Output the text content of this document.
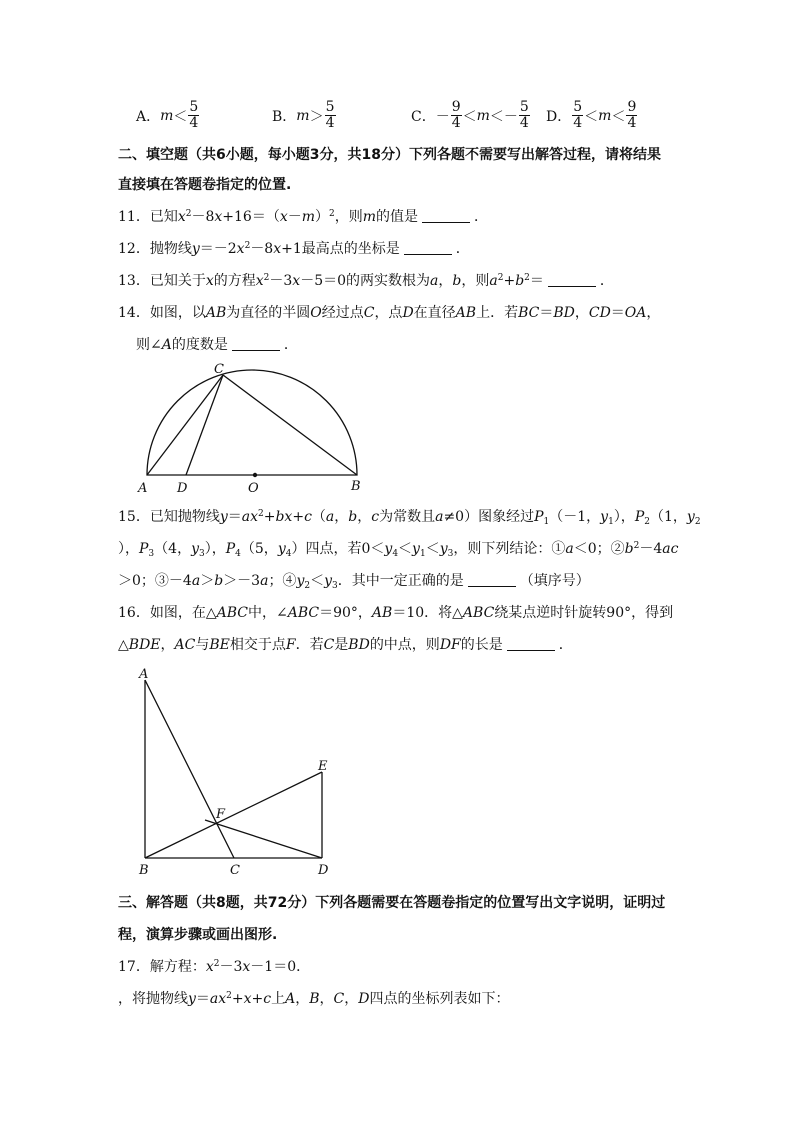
A． $m < \frac{5}{4}$	B． $m > \frac{5}{4}$	C． － $\frac{9}{4} < m$ ＜ － $\frac{5}{4}$ D． $\frac{5}{4} < m < \frac{9}{4}$
二、填空题（共6小题，每小题3分，共18分）下列各题不需要写出解答过程，请将结果
直接填在答题卷指定的位置.
11．已知$x^2-8x+16=(x-m)^2$，则m的值是	．
12．抛物线$y=-2x^2-8x+1$最高点的坐标是	．
13．已知关于x的方程$x^2-3x-5=0$的两实数根为a，b，则$a^2+b^2=$	．
14．如图，以AB为直径的半圆O经过点C，点D在直径AB上．若BC＝BD，CD＝OA，
则∠A的度数是	．
C
A D	O	B
A
E
F
B	C	D
15．已知抛物线$y=ax^2+bx+c(a$，b，c为常数且a≠0）图象经过$P_1(-1$，$y_1$），$P_2(1$，$y_2$
），$P_3(4$，$y_3$），$P_4(5$，$y_4$）四点，若$0<y_4<y_1<y_3$，则下列结论：①a＜0；$②b^2-4ac$
＞0；③－4a＞b＞－3a；$④y_2<y_3$．其中一定正确的是	（填序号）
16．如图，在△ABC中，∠ABC＝90°，AB＝10．将△ABC绕某点逆时针旋转90°，得到
△BDE，AC与BE相交于点F．若C是BD的中点，则DF的长是	．
三、解答题（共8题，共72分）下列各题需要在答题卷指定的位置写出文字说明，证明过
程，演算步骤或画出图形.
17．解方程：$x^2-3x-1=0$．
，将抛物线$y=ax^2+x+c$上A，B，C，D四点的坐标列表如下：
